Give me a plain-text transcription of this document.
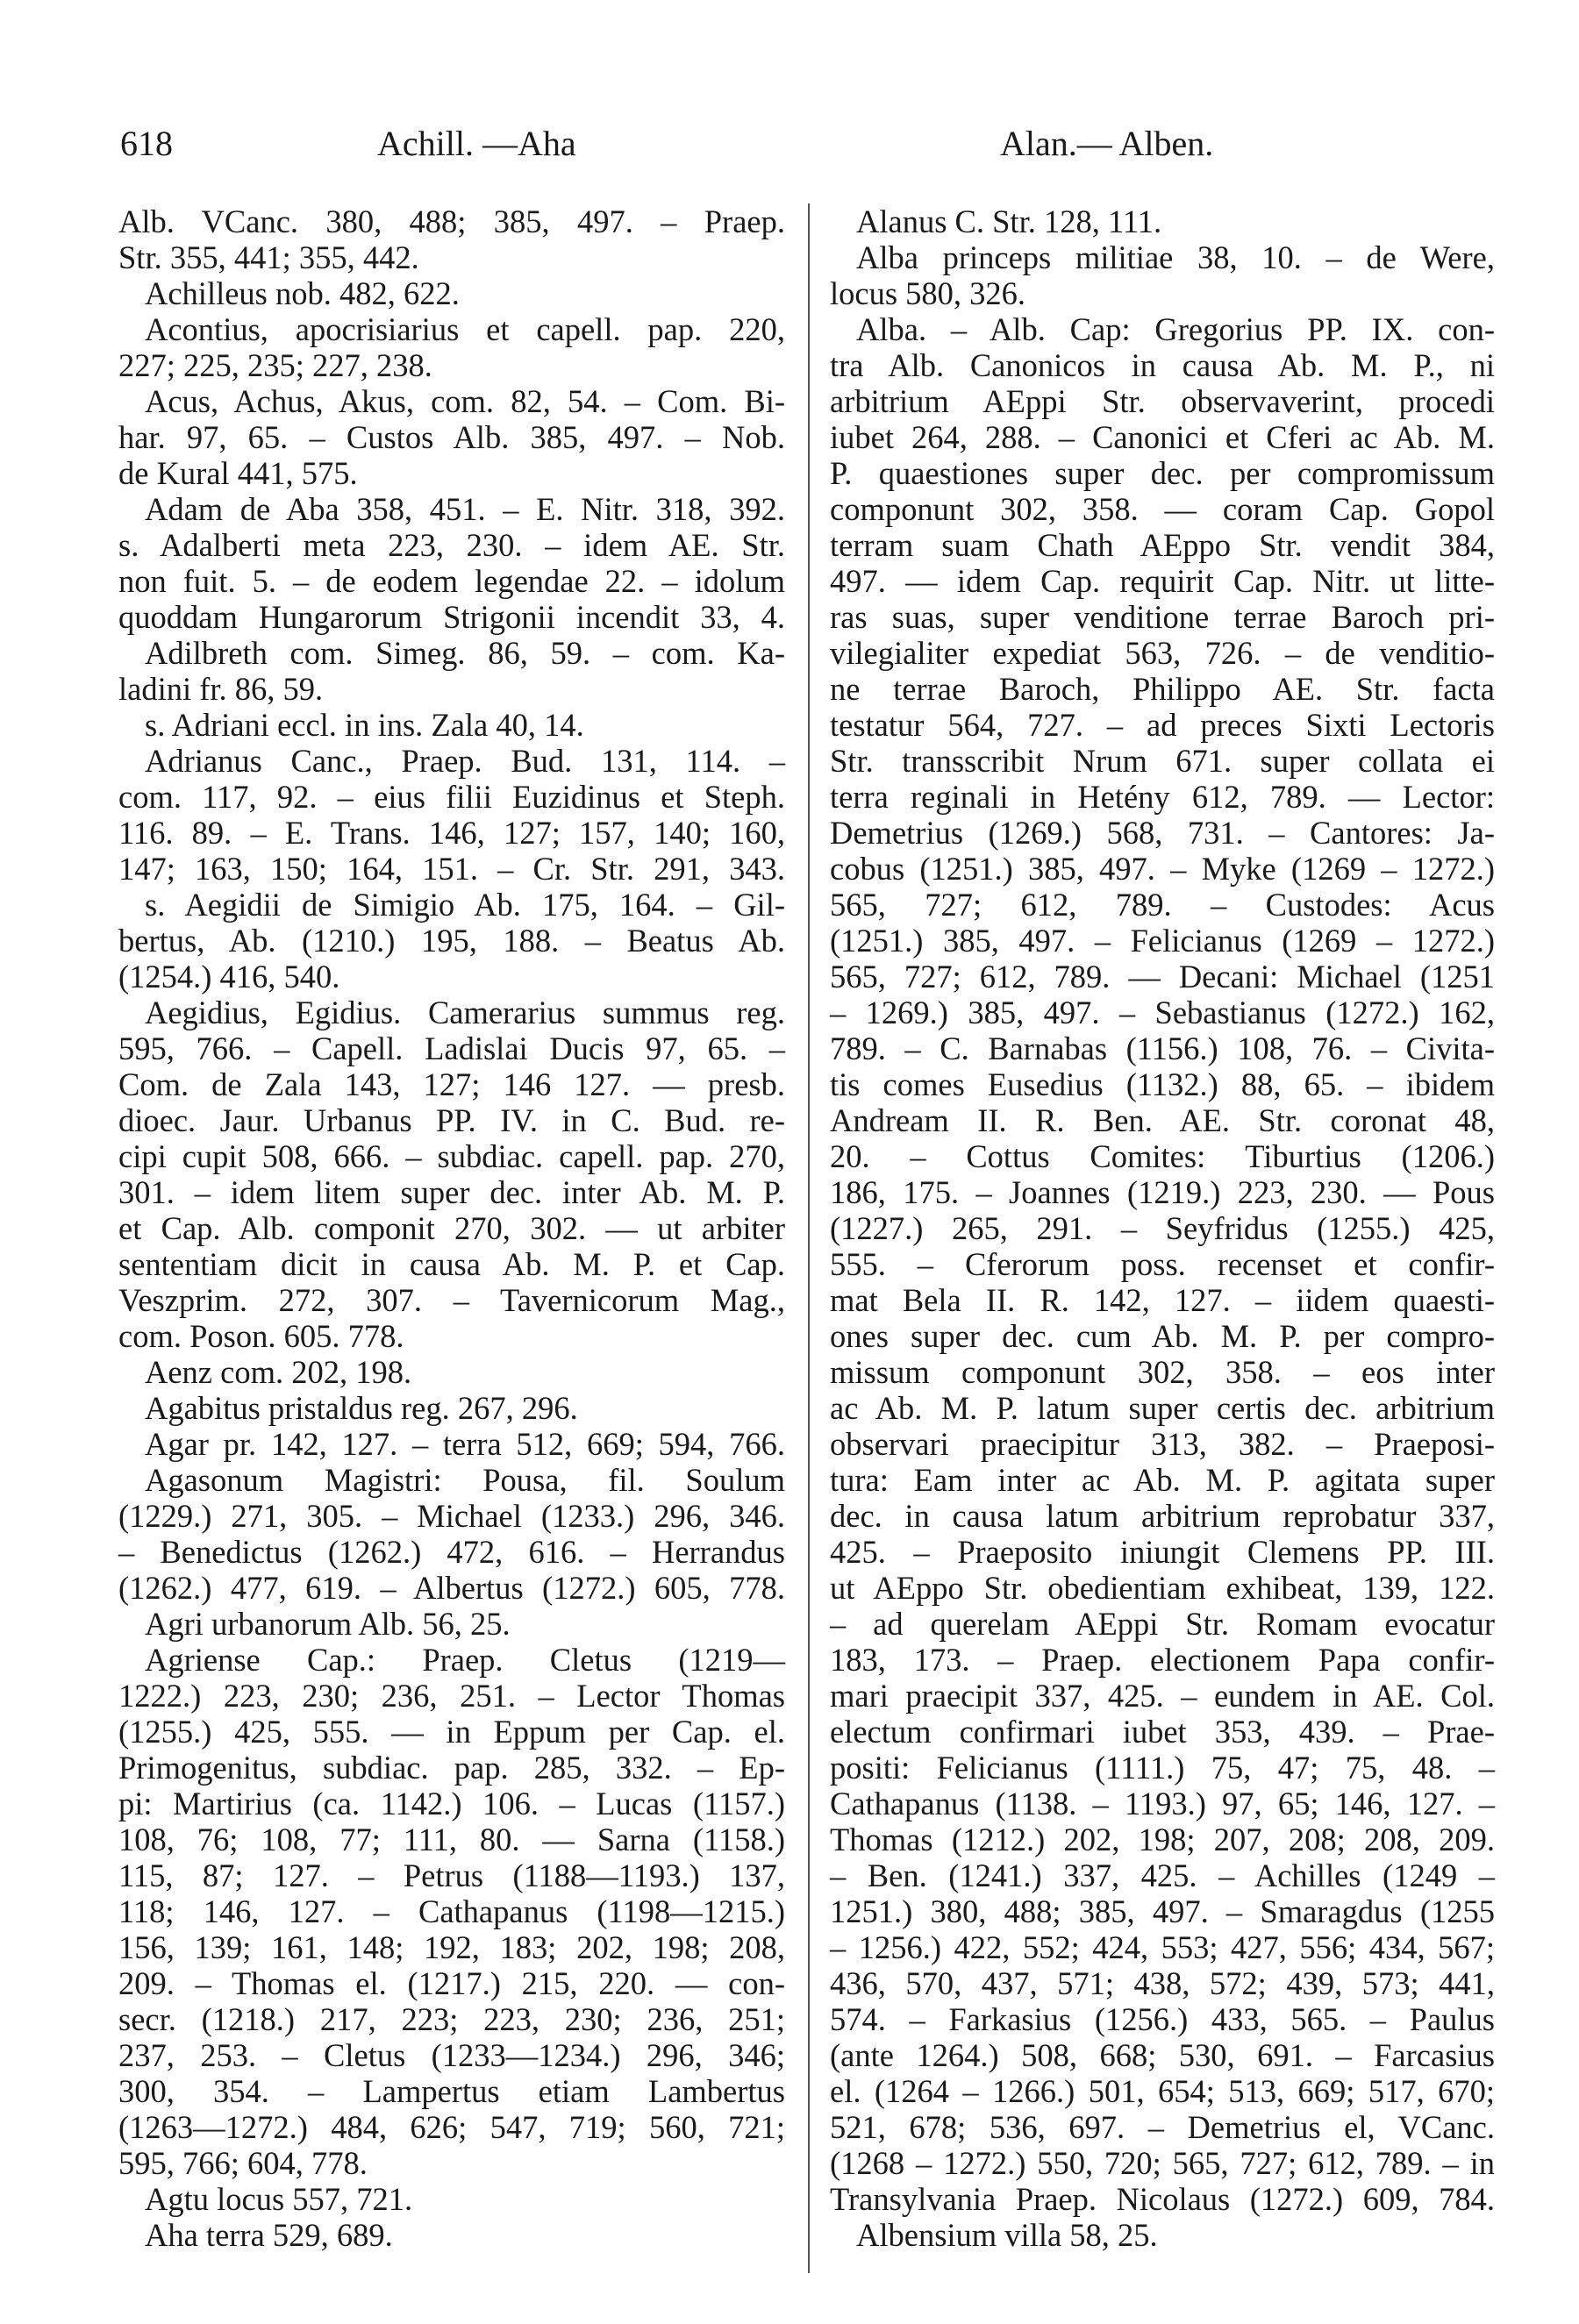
618	Achill. —Aha	Alan.— Alben.
Alb. VCanc. 380, 488; 385, 497. – Praep.
Str. 355, 441; 355, 442.
Achilleus nob. 482, 622.
Acontius, apocrisiarius et capell. pap. 220,
227; 225, 235; 227, 238.
Acus, Achus, Akus, com. 82, 54. – Com. Bi-
har. 97, 65. – Custos Alb. 385, 497. – Nob.
de Kural 441, 575.
Adam de Aba 358, 451. – E. Nitr. 318, 392.
s. Adalberti meta 223, 230. – idem AE. Str.
non fuit. 5. – de eodem legendae 22. – idolum
quoddam Hungarorum Strigonii incendit 33, 4.
Adilbreth com. Simeg. 86, 59. – com. Ka-
ladini fr. 86, 59.
s. Adriani eccl. in ins. Zala 40, 14.
Adrianus Canc., Praep. Bud. 131, 114. –
com. 117, 92. – eius filii Euzidinus et Steph.
116. 89. – E. Trans. 146, 127; 157, 140; 160,
147; 163, 150; 164, 151. – Cr. Str. 291, 343.
s. Aegidii de Simigio Ab. 175, 164. – Gil-
bertus, Ab. (1210.) 195, 188. – Beatus Ab.
(1254.) 416, 540.
Aegidius, Egidius. Camerarius summus reg.
595, 766. – Capell. Ladislai Ducis 97, 65. –
Com. de Zala 143, 127; 146 127. — presb.
dioec. Jaur. Urbanus PP. IV. in C. Bud. re-
cipi cupit 508, 666. – subdiac. capell. pap. 270,
301. – idem litem super dec. inter Ab. M. P.
et Cap. Alb. componit 270, 302. — ut arbiter
sententiam dicit in causa Ab. M. P. et Cap.
Veszprim. 272, 307. – Tavernicorum Mag.,
com. Poson. 605. 778.
Aenz com. 202, 198.
Agabitus pristaldus reg. 267, 296.
Agar pr. 142, 127. – terra 512, 669; 594, 766.
Agasonum Magistri: Pousa, fil. Soulum
(1229.) 271, 305. – Michael (1233.) 296, 346.
– Benedictus (1262.) 472, 616. – Herrandus
(1262.) 477, 619. – Albertus (1272.) 605, 778.
Agri urbanorum Alb. 56, 25.
Agriense Cap.: Praep. Cletus (1219—
1222.) 223, 230; 236, 251. – Lector Thomas
(1255.) 425, 555. — in Eppum per Cap. el.
Primogenitus, subdiac. pap. 285, 332. – Ep-
pi: Martirius (ca. 1142.) 106. – Lucas (1157.)
108, 76; 108, 77; 111, 80. — Sarna (1158.)
115, 87; 127. – Petrus (1188—1193.) 137,
118; 146, 127. – Cathapanus (1198—1215.)
156, 139; 161, 148; 192, 183; 202, 198; 208,
209. – Thomas el. (1217.) 215, 220. — con-
secr. (1218.) 217, 223; 223, 230; 236, 251;
237, 253. – Cletus (1233—1234.) 296, 346;
300, 354. – Lampertus etiam Lambertus
(1263—1272.) 484, 626; 547, 719; 560, 721;
595, 766; 604, 778.
Agtu locus 557, 721.
Aha terra 529, 689.
Alanus C. Str. 128, 111.
Alba princeps militiae 38, 10. – de Were,
locus 580, 326.
Alba. – Alb. Cap: Gregorius PP. IX. con-
tra Alb. Canonicos in causa Ab. M. P., ni
arbitrium AEppi Str. observaverint, procedi
iubet 264, 288. – Canonici et Cferi ac Ab. M.
P. quaestiones super dec. per compromissum
componunt 302, 358. — coram Cap. Gopol
terram suam Chath AEppo Str. vendit 384,
497. — idem Cap. requirit Cap. Nitr. ut litte-
ras suas, super venditione terrae Baroch pri-
vilegialiter expediat 563, 726. – de venditio-
ne terrae Baroch, Philippo AE. Str. facta
testatur 564, 727. – ad preces Sixti Lectoris
Str. transscribit Nrum 671. super collata ei
terra reginali in Hetény 612, 789. — Lector:
Demetrius (1269.) 568, 731. – Cantores: Ja-
cobus (1251.) 385, 497. – Myke (1269 – 1272.)
565, 727; 612, 789. – Custodes: Acus
(1251.) 385, 497. – Felicianus (1269 – 1272.)
565, 727; 612, 789. — Decani: Michael (1251
– 1269.) 385, 497. – Sebastianus (1272.) 162,
789. – C. Barnabas (1156.) 108, 76. – Civita-
tis comes Eusedius (1132.) 88, 65. – ibidem
Andream II. R. Ben. AE. Str. coronat 48,
20. – Cottus Comites: Tiburtius (1206.)
186, 175. – Joannes (1219.) 223, 230. — Pous
(1227.) 265, 291. – Seyfridus (1255.) 425,
555. – Cferorum poss. recenset et confir-
mat Bela II. R. 142, 127. – iidem quaesti-
ones super dec. cum Ab. M. P. per compro-
missum componunt 302, 358. – eos inter
ac Ab. M. P. latum super certis dec. arbitrium
observari praecipitur 313, 382. – Praeposi-
tura: Eam inter ac Ab. M. P. agitata super
dec. in causa latum arbitrium reprobatur 337,
425. – Praeposito iniungit Clemens PP. III.
ut AEppo Str. obedientiam exhibeat, 139, 122.
– ad querelam AEppi Str. Romam evocatur
183, 173. – Praep. electionem Papa confir-
mari praecipit 337, 425. – eundem in AE. Col.
electum confirmari iubet 353, 439. – Prae-
positi: Felicianus (1111.) 75, 47; 75, 48. –
Cathapanus (1138. – 1193.) 97, 65; 146, 127. –
Thomas (1212.) 202, 198; 207, 208; 208, 209.
– Ben. (1241.) 337, 425. – Achilles (1249 –
1251.) 380, 488; 385, 497. – Smaragdus (1255
– 1256.) 422, 552; 424, 553; 427, 556; 434, 567;
436, 570, 437, 571; 438, 572; 439, 573; 441,
574. – Farkasius (1256.) 433, 565. – Paulus
(ante 1264.) 508, 668; 530, 691. – Farcasius
el. (1264 – 1266.) 501, 654; 513, 669; 517, 670;
521, 678; 536, 697. – Demetrius el, VCanc.
(1268 – 1272.) 550, 720; 565, 727; 612, 789. – in
Transylvania Praep. Nicolaus (1272.) 609, 784.
Albensium villa 58, 25.
